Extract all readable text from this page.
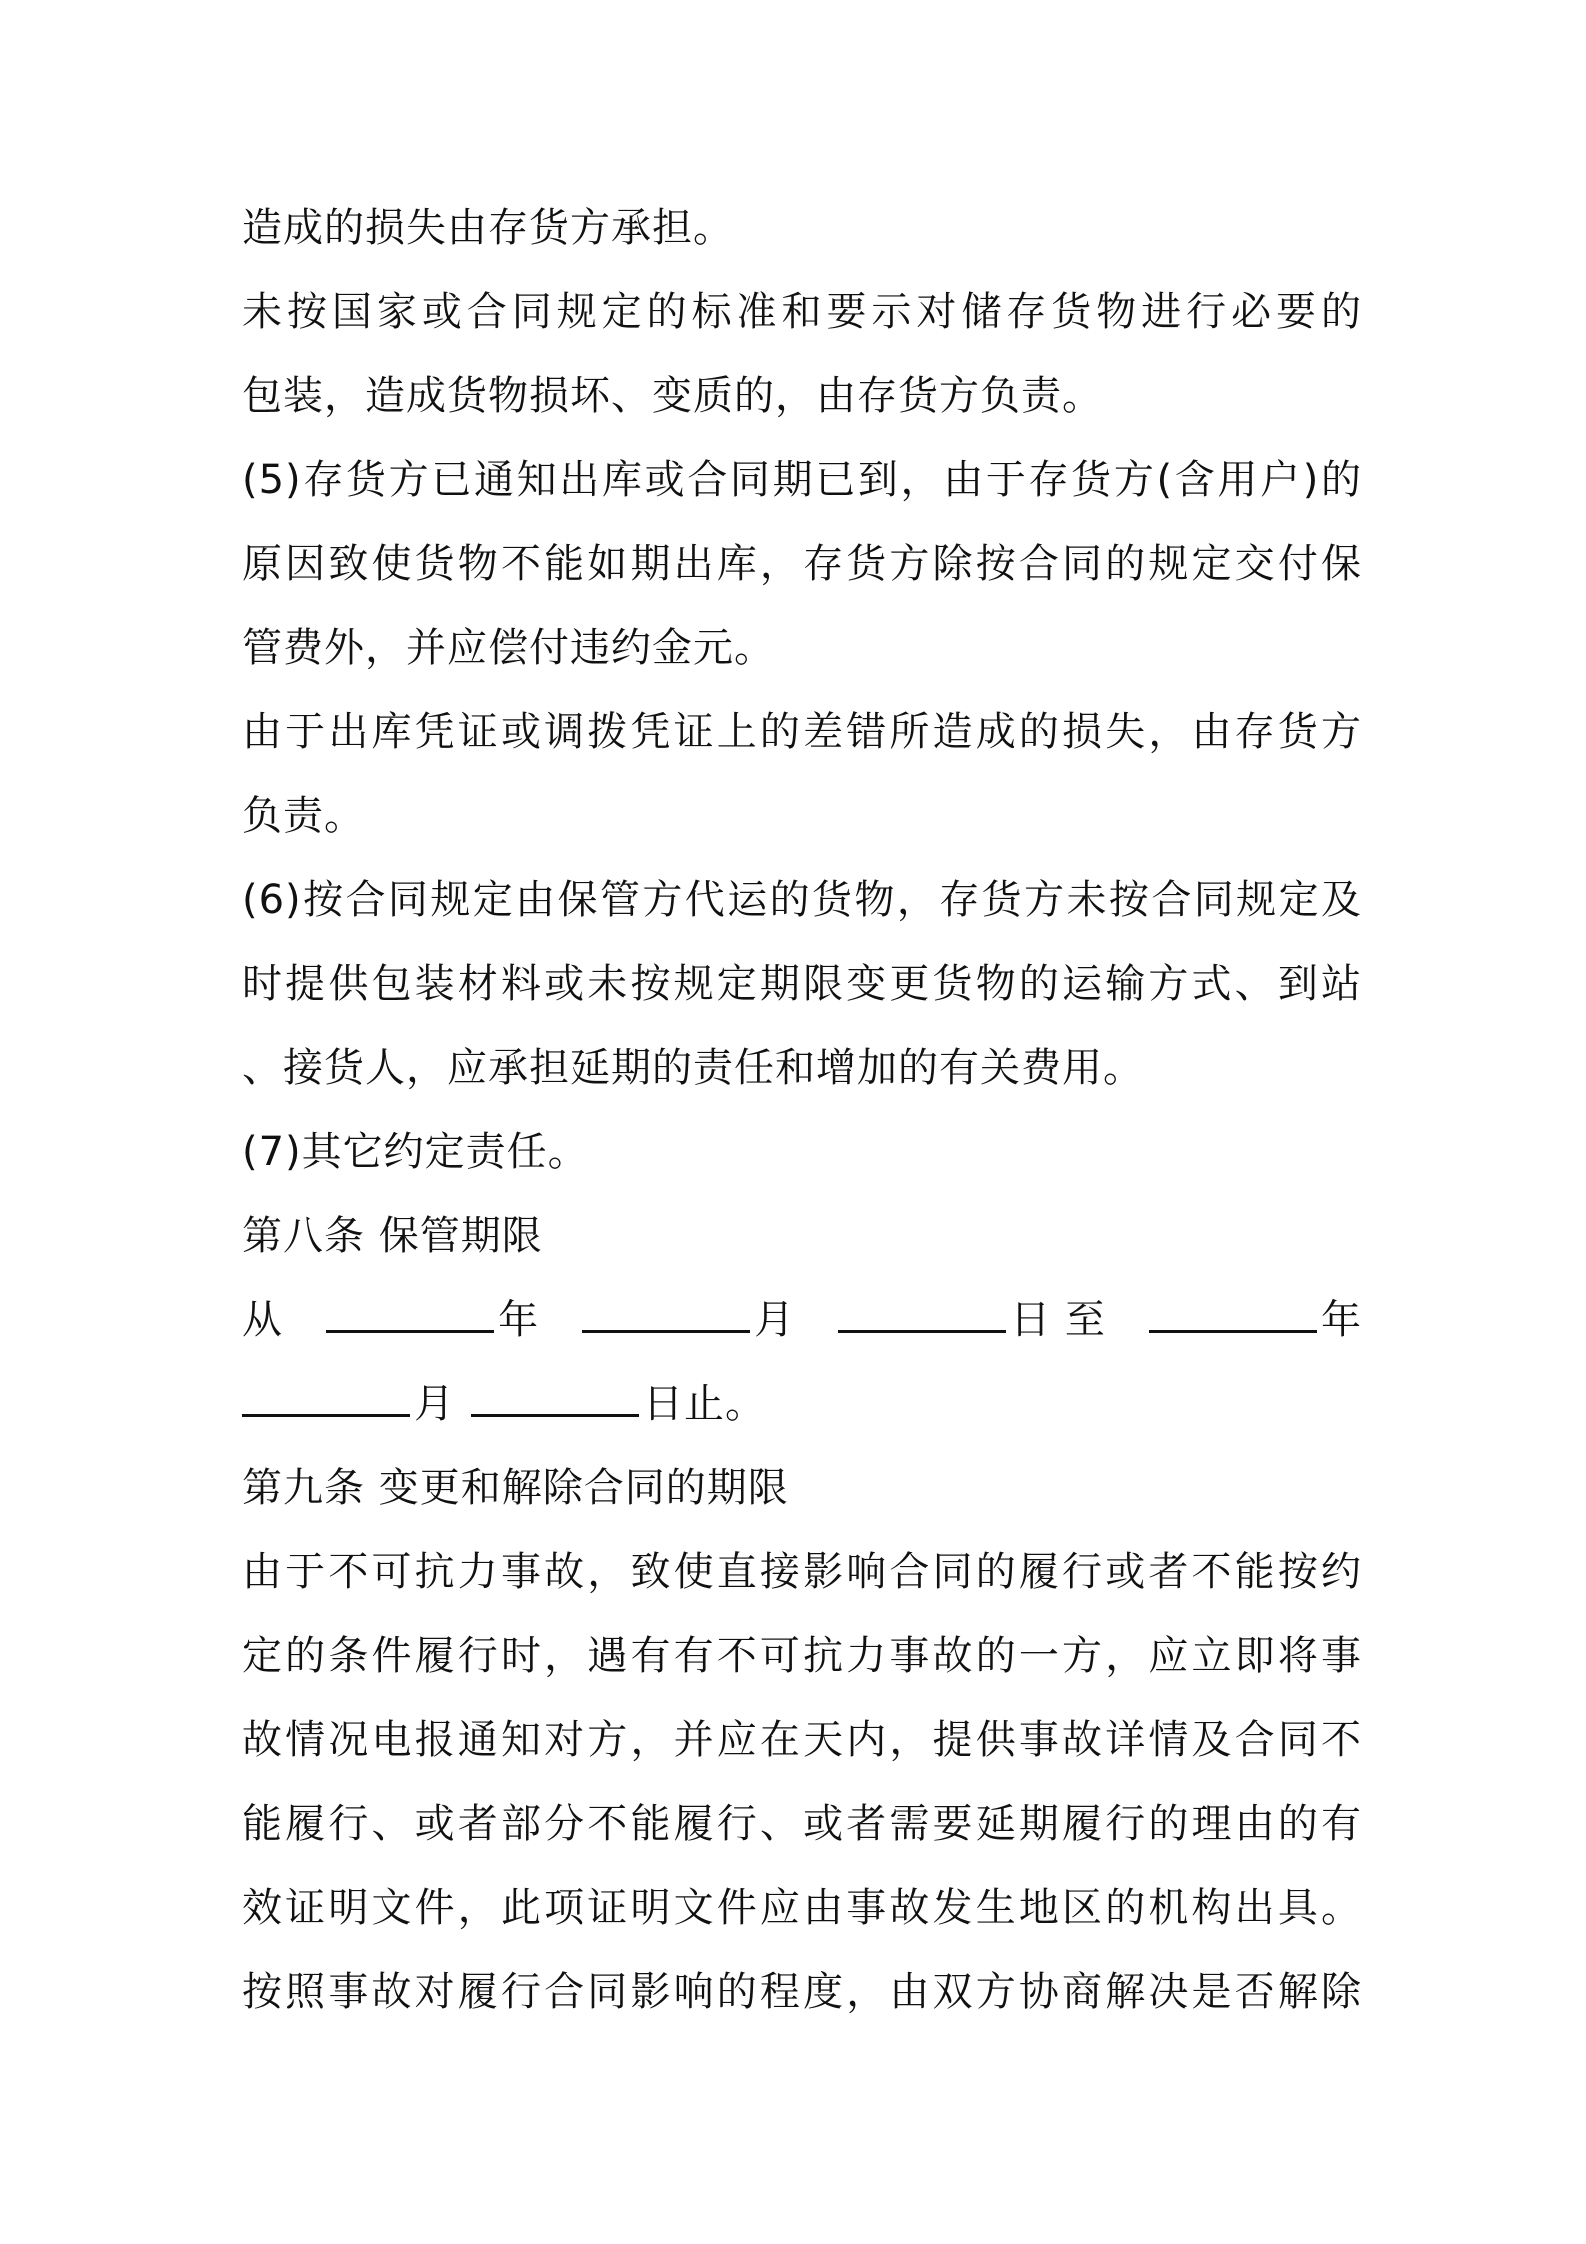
造成的损失由存货方承担。
未按国家或合同规定的标准和要示对储存货物进行必要的
包装，造成货物损坏、变质的，由存货方负责。
(5)存货方已通知出库或合同期已到，由于存货方(含用户)的
原因致使货物不能如期出库，存货方除按合同的规定交付保
管费外，并应偿付违约金元。
由于出库凭证或调拨凭证上的差错所造成的损失，由存货方
负责。
(6)按合同规定由保管方代运的货物，存货方未按合同规定及
时提供包装材料或未按规定期限变更货物的运输方式、到站
、接货人，应承担延期的责任和增加的有关费用。
(7)其它约定责任。
第八条 保管期限
从	年	月	日 至	年
月	日止。
第九条 变更和解除合同的期限
由于不可抗力事故，致使直接影响合同的履行或者不能按约
定的条件履行时，遇有有不可抗力事故的一方，应立即将事
故情况电报通知对方，并应在天内，提供事故详情及合同不
能履行、或者部分不能履行、或者需要延期履行的理由的有
效证明文件，此项证明文件应由事故发生地区的机构出具。
按照事故对履行合同影响的程度，由双方协商解决是否解除
